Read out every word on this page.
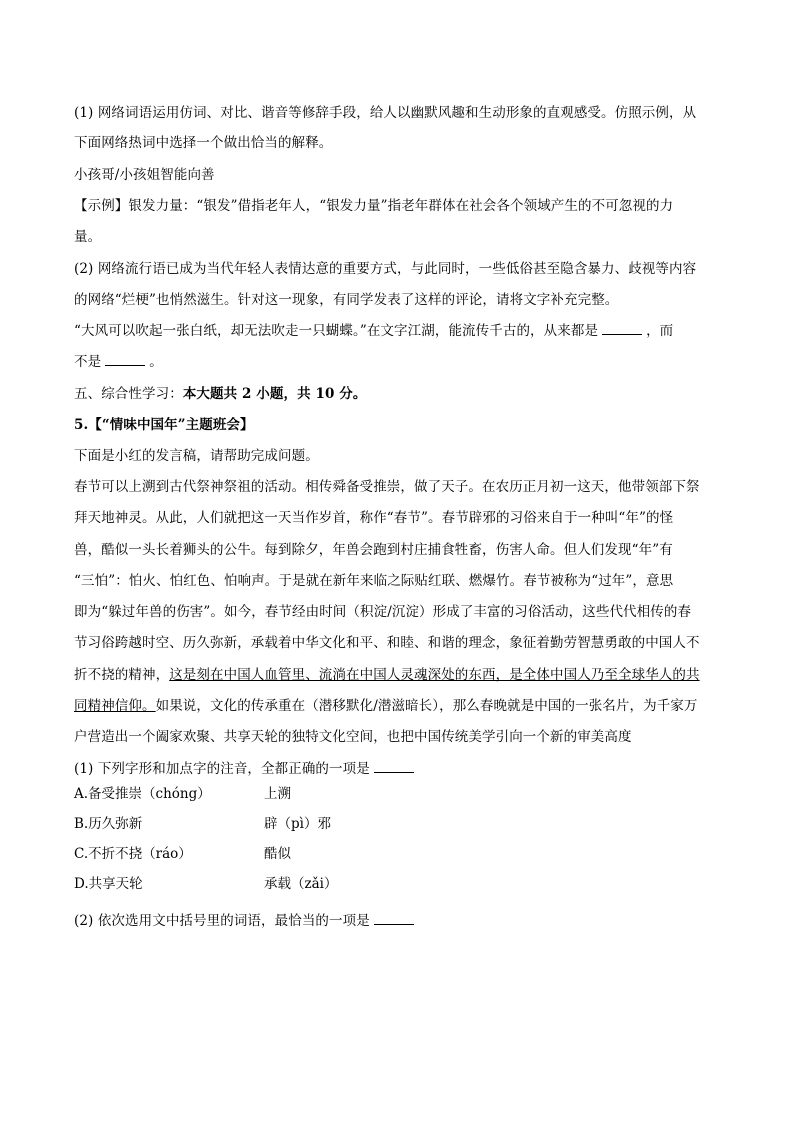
(1) 网络词语运用仿词、对比、谐音等修辞手段，给人以幽默风趣和生动形象的直观感受。仿照示例，从
下面网络热词中选择一个做出恰当的解释。
小孩哥/小孩姐智能向善
【示例】银发力量：“银发”借指老年人，“银发力量”指老年群体在社会各个领域产生的不可忽视的力
量。
(2) 网络流行语已成为当代年轻人表情达意的重要方式，与此同时，一些低俗甚至隐含暴力、歧视等内容
的网络“烂梗”也悄然滋生。针对这一现象，有同学发表了这样的评论，请将文字补充完整。
“大风可以吹起一张白纸，却无法吹走一只蝴蝶。”在文字江湖，能流传千古的，从来都是	，而
不是	。
五、综合性学习：本大题共 2 小题，共 10 分。
5.【“情味中国年”主题班会】
下面是小红的发言稿，请帮助完成问题。
春节可以上溯到古代祭神祭祖的活动。相传舜备受推崇，做了天子。在农历正月初一这天，他带领部下祭
拜天地神灵。从此，人们就把这一天当作岁首，称作“春节”。春节辟邪的习俗来自于一种叫“年”的怪
兽，酷似一头长着狮头的公牛。每到除夕，年兽会跑到村庄捕食牲畜，伤害人命。但人们发现“年”有
“三怕”：怕火、怕红色、怕响声。于是就在新年来临之际贴红联、燃爆竹。春节被称为“过年”，意思
即为“躲过年兽的伤害”。如今，春节经由时间（积淀/沉淀）形成了丰富的习俗活动，这些代代相传的春
节习俗跨越时空、历久弥新，承载着中华文化和平、和睦、和谐的理念，象征着勤劳智慧勇敢的中国人不
折不挠的精神，这是刻在中国人血管里、流淌在中国人灵魂深处的东西，是全体中国人乃至全球华人的共
同精神信仰。如果说，文化的传承重在（潜移默化/潜滋暗长），那么春晚就是中国的一张名片，为千家万
户营造出一个阖家欢聚、共享天轮的独特文化空间，也把中国传统美学引向一个新的审美高度
(1) 下列字形和加点字的注音，全都正确的一项是
A.备受推崇（chóng）	上溯
B.历久弥新	辟（pì）邪
C.不折不挠（ráo）	酷似
D.共享天轮	承载（zǎi）
(2) 依次选用文中括号里的词语，最恰当的一项是
